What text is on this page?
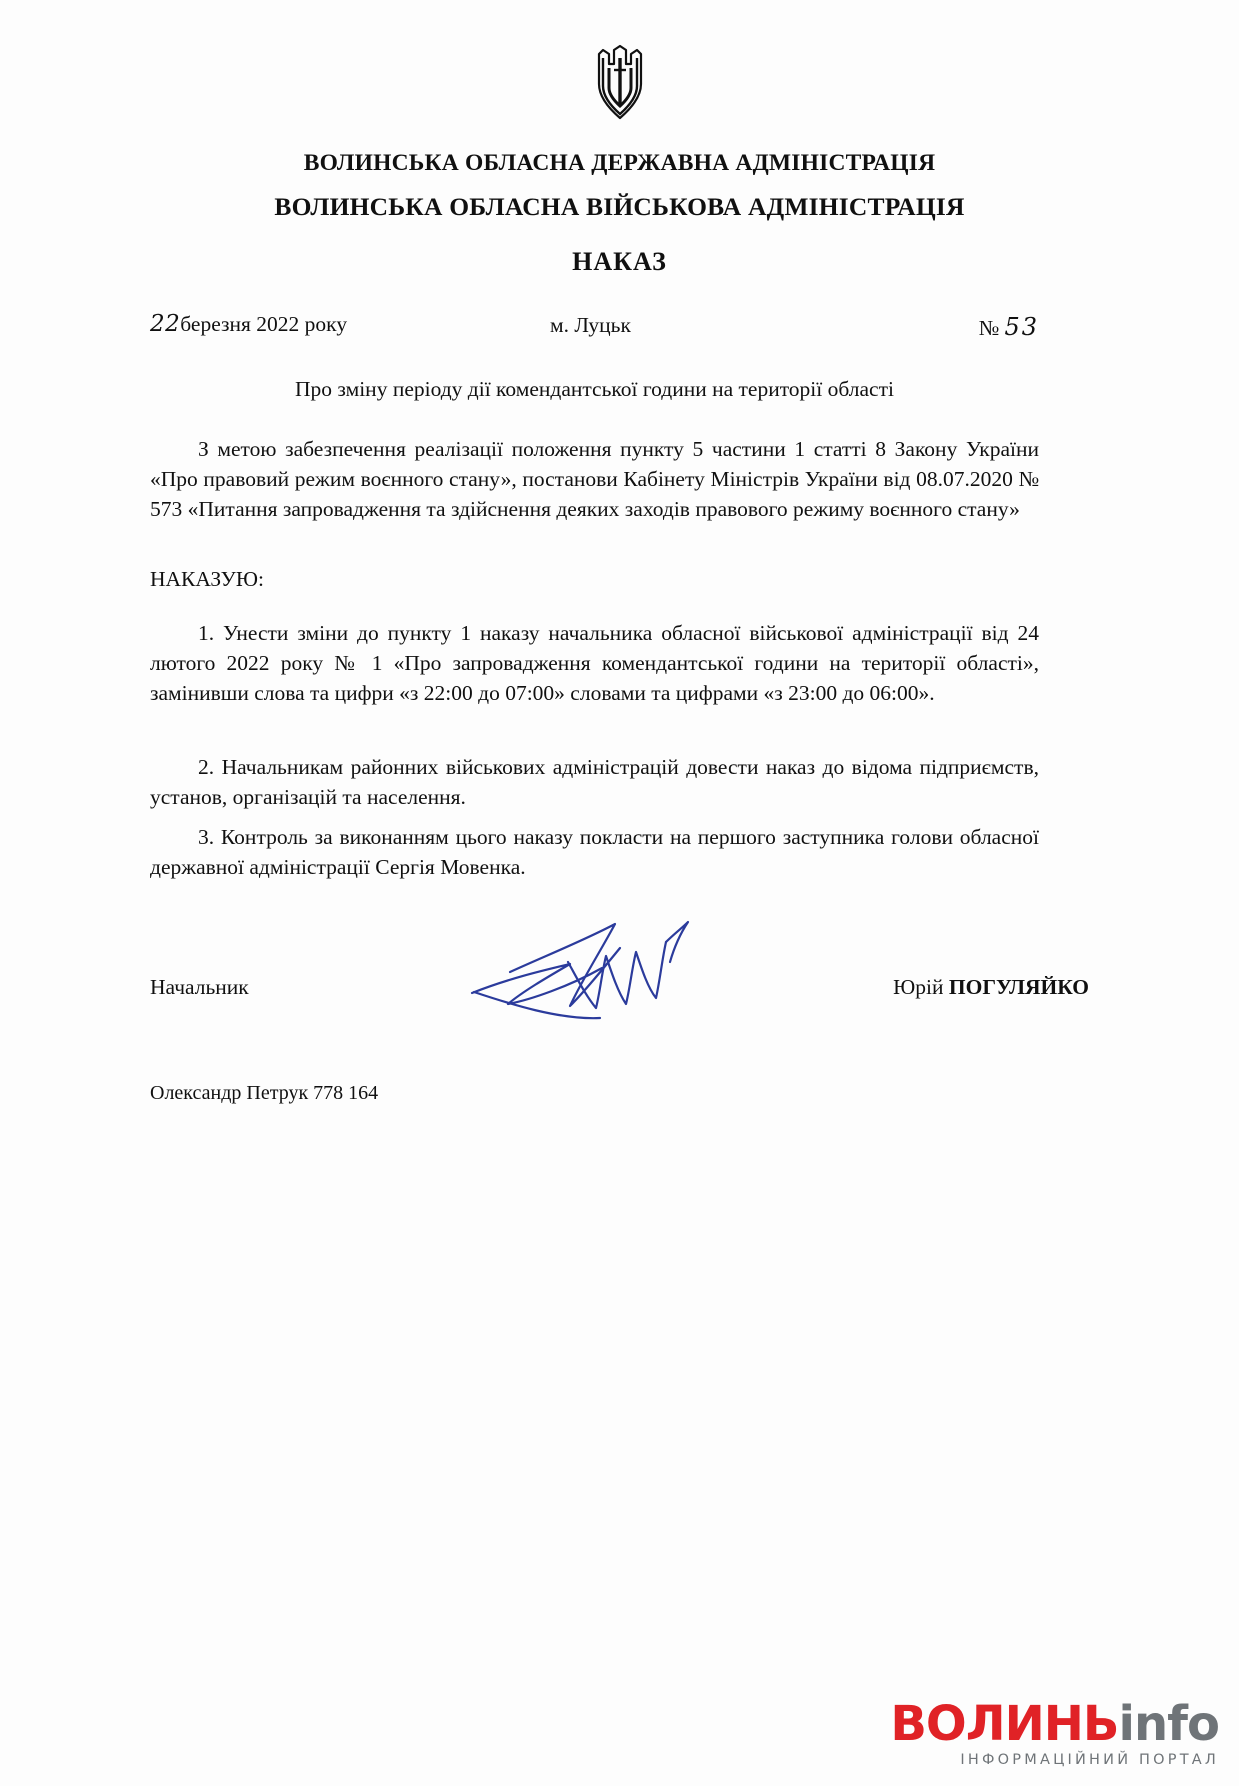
ВОЛИНСЬКА ОБЛАСНА ДЕРЖАВНА АДМІНІСТРАЦІЯ
ВОЛИНСЬКА ОБЛАСНА ВІЙСЬКОВА АДМІНІСТРАЦІЯ
НАКАЗ
22березня 2022 року	м. Луцьк	№ 53
Про зміну періоду дії комендантської години на території області

З метою забезпечення реалізації положення пункту 5 частини 1 статті 8 Закону України «Про правовий режим воєнного стану», постанови Кабінету Міністрів України від 08.07.2020 № 573 «Питання запровадження та здійснення деяких заходів правового режиму воєнного стану»

НАКАЗУЮ:

1. Унести зміни до пункту 1 наказу начальника обласної військової адміністрації від 24 лютого 2022 року № 1 «Про запровадження комендантської години на території області», замінивши слова та цифри «з 22:00 до 07:00» словами та цифрами «з 23:00 до 06:00».

2. Начальникам районних військових адміністрацій довести наказ до відома підприємств, установ, організацій та населення.

3. Контроль за виконанням цього наказу покласти на першого заступника голови обласної державної адміністрації Сергія Мовенка.

Начальник	Юрій ПОГУЛЯЙКО
Олександр Петрук 778 164
ВОЛИНЬinfo
ІНФОРМАЦІЙНИЙ ПОРТАЛ
